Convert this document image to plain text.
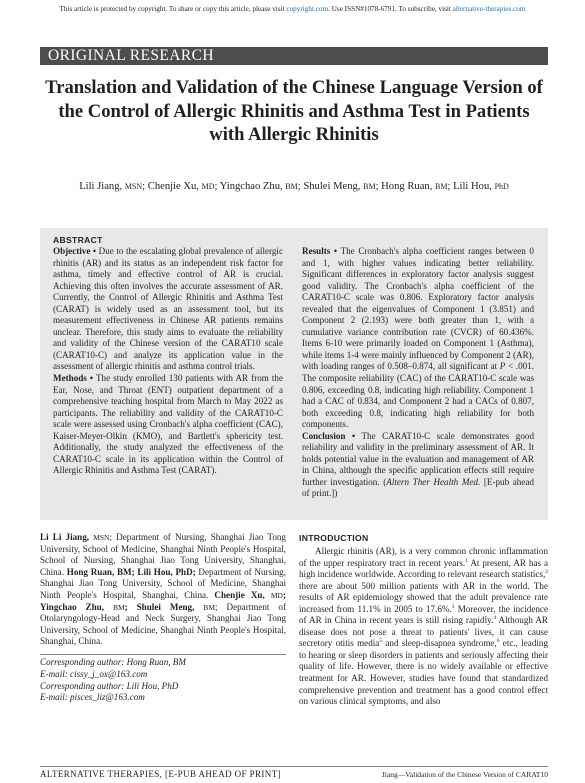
This article is protected by copyright. To share or copy this article, please visit copyright.com. Use ISSN#1078-6791. To subscribe, visit alternative-therapies.com
ORIGINAL RESEARCH
Translation and Validation of the Chinese Language Version of the Control of Allergic Rhinitis and Asthma Test in Patients with Allergic Rhinitis
Lili Jiang, MSN; Chenjie Xu, MD; Yingchao Zhu, BM; Shulei Meng, BM; Hong Ruan, BM; Lili Hou, PhD
ABSTRACT

Objective • Due to the escalating global prevalence of allergic rhinitis (AR) and its status as an independent risk factor for asthma, timely and effective control of AR is crucial. Achieving this often involves the accurate assessment of AR. Currently, the Control of Allergic Rhinitis and Asthma Test (CARAT) is widely used as an assessment tool, but its measurement effectiveness in Chinese AR patients remains unclear. Therefore, this study aims to evaluate the reliability and validity of the Chinese version of the CARAT10 scale (CARAT10-C) and analyze its application value in the assessment of allergic rhinitis and asthma control trials.

Methods • The study enrolled 130 patients with AR from the Ear, Nose, and Throat (ENT) outpatient department of a comprehensive teaching hospital from March to May 2022 as participants. The reliability and validity of the CARAT10-C scale were assessed using Cronbach's alpha coefficient (CAC), Kaiser-Meyer-Olkin (KMO), and Bartlett's sphericity test. Additionally, the study analyzed the effectiveness of the CARAT10-C scale in its application within the Control of Allergic Rhinitis and Asthma Test (CARAT).

Results • The Cronbach's alpha coefficient ranges between 0 and 1, with higher values indicating better reliability. Significant differences in exploratory factor analysis suggest good validity. The Cronbach's alpha coefficient of the CARAT10-C scale was 0.806. Exploratory factor analysis revealed that the eigenvalues of Component 1 (3.851) and Component 2 (2.193) were both greater than 1, with a cumulative variance contribution rate (CVCR) of 60.436%. Items 6-10 were primarily loaded on Component 1 (Asthma), while items 1-4 were mainly influenced by Component 2 (AR), with loading ranges of 0.508–0.874, all significant at P < .001. The composite reliability (CAC) of the CARAT10-C scale was 0.806, exceeding 0.8, indicating high reliability. Component 1 had a CAC of 0.834, and Component 2 had a CACs of 0.807, both exceeding 0.8, indicating high reliability for both components.

Conclusion • The CARAT10-C scale demonstrates good reliability and validity in the preliminary assessment of AR. It holds potential value in the evaluation and management of AR in China, although the specific application effects still require further investigation. (Altern Ther Health Med. [E-pub ahead of print.])

Li Li Jiang, MSN; Department of Nursing, Shanghai Jiao Tong University, School of Medicine, Shanghai Ninth People's Hospital, School of Nursing, Shanghai Jiao Tong University, Shanghai, China. Hong Ruan, BM; Lili Hou, PhD; Department of Nursing, Shanghai Jiao Tong University, School of Medicine, Shanghai Ninth People's Hospital, Shanghai, China. Chenjie Xu, MD; Yingchao Zhu, BM; Shulei Meng, BM; Department of Otolaryngology-Head and Neck Surgery, Shanghai Jiao Tong University, School of Medicine, Shanghai Ninth People's Hospital, Shanghai, China.

Corresponding author: Hong Ruan, BM
E-mail: cissy_j_ox@163.com
Corresponding author: Lili Hou, PhD
E-mail: pisces_liz@163.com
INTRODUCTION

Allergic rhinitis (AR), is a very common chronic inflammation of the upper respiratory tract in recent years.$^1$ At present, AR has a high incidence worldwide. According to relevant research statistics,$^2$ there are about 500 million patients with AR in the world. The results of AR epidemiology showed that the adult prevalence rate increased from 11.1% in 2005 to 17.6%.$^3$ Moreover, the incidence of AR in China in recent years is still rising rapidly.$^4$ Although AR disease does not pose a threat to patients' lives, it can cause secretory otitis media$^5$ and sleep-disapnea syndrome,$^6$ etc., leading to hearing or sleep disorders in patients and seriously affecting their quality of life. However, there is no widely available or effective treatment for AR. However, studies have found that standardized comprehensive prevention and treatment has a good control effect on various clinical symptoms, and also

ALTERNATIVE THERAPIES, [E-PUB AHEAD OF PRINT]	Jiang—Validation of the Chinese Version of CARAT10
